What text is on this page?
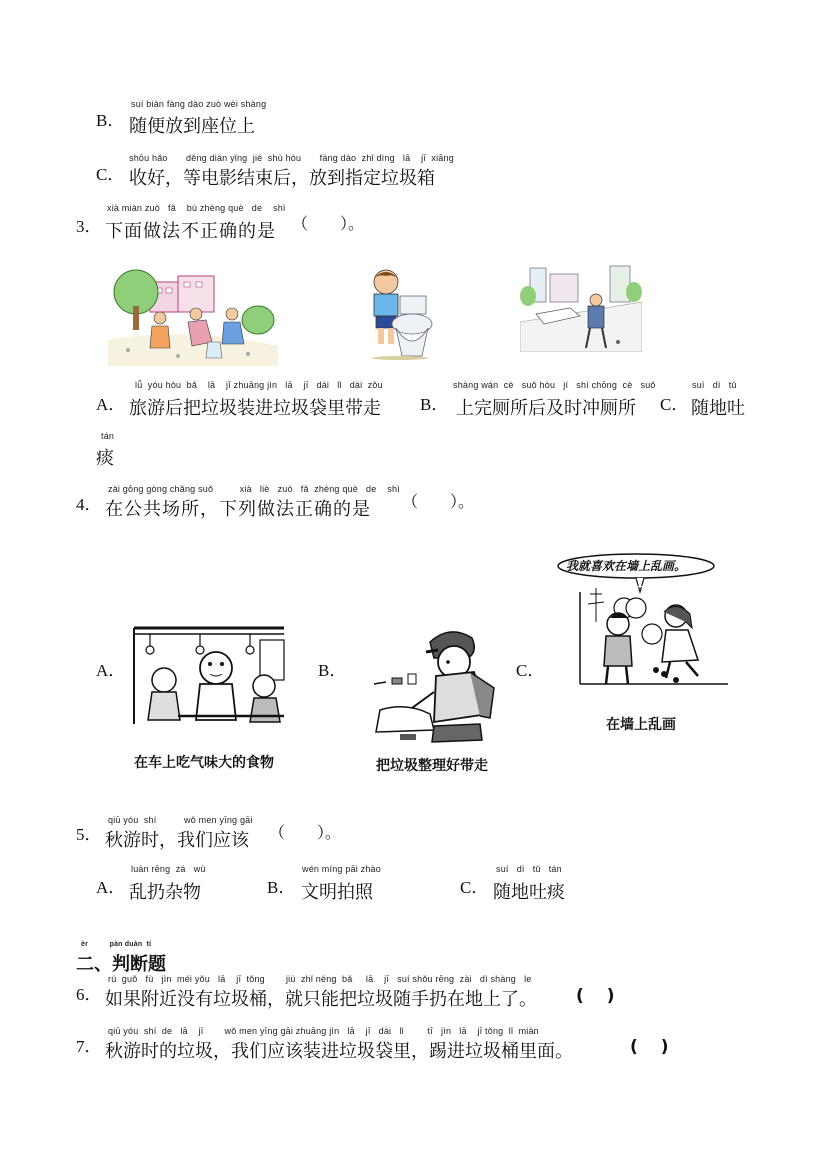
B．
suí biàn fàng dào zuò wèi shàng
随便放到座位上
C．
shōu hǎo　　děng diàn yǐng  jié  shù hòu　　fàng dào  zhǐ dìng   lā    jī  xiāng
收好，等电影结束后，放到指定垃圾箱
3．
xià miàn zuò   fǎ    bù zhèng què   de    shì
下面做法不正确的是 （　　）。
A．
lǚ  yóu hòu  bǎ    lā    jī zhuāng jìn   lā    jī   dài   lǐ   dài  zǒu
旅游后把垃圾装进垃圾袋里带走 B．
shàng wán  cè   suǒ hòu   jí   shí chōng  cè   suǒ
上完厕所后及时冲厕所 C．
suí   dì   tǔ
随地吐
tán
痰
4．
zài gōng gòng chǎng suǒ　　   xià   liè   zuò   fǎ  zhèng què   de    shì
在公共场所，下列做法正确的是 （　　）。
A．	B．	C．
在车上吃气味大的食物	把垃圾整理好带走
我就喜欢在墙上乱画。
在墙上乱画
5．
qiū yóu  shí　　　wǒ men yīng gāi
秋游时，我们应该 （　　）。
A．
luàn rēng  zá   wù
乱扔杂物	B．
wén míng pāi zhào
文明拍照	C．
suí   dì   tǔ   tán
随地吐痰
èr　　　pàn duàn  tí
二、判断题
6．
rú  guǒ   fù   jìn  méi yǒu   lā    jī  tǒng　　 jiù  zhǐ néng  bǎ     lā    jī   suí shǒu rēng  zài   dì shàng   le
如果附近没有垃圾桶，就只能把垃圾随手扔在地上了。 (　 )
7．
qiū yóu  shí  de   lā    jī　　 wǒ men yīng gāi zhuāng jìn   lā    jī   dài   lǐ　　  tī   jìn   lā    jī tǒng  lǐ  miàn
秋游时的垃圾，我们应该装进垃圾袋里，踢进垃圾桶里面。	(　 )
